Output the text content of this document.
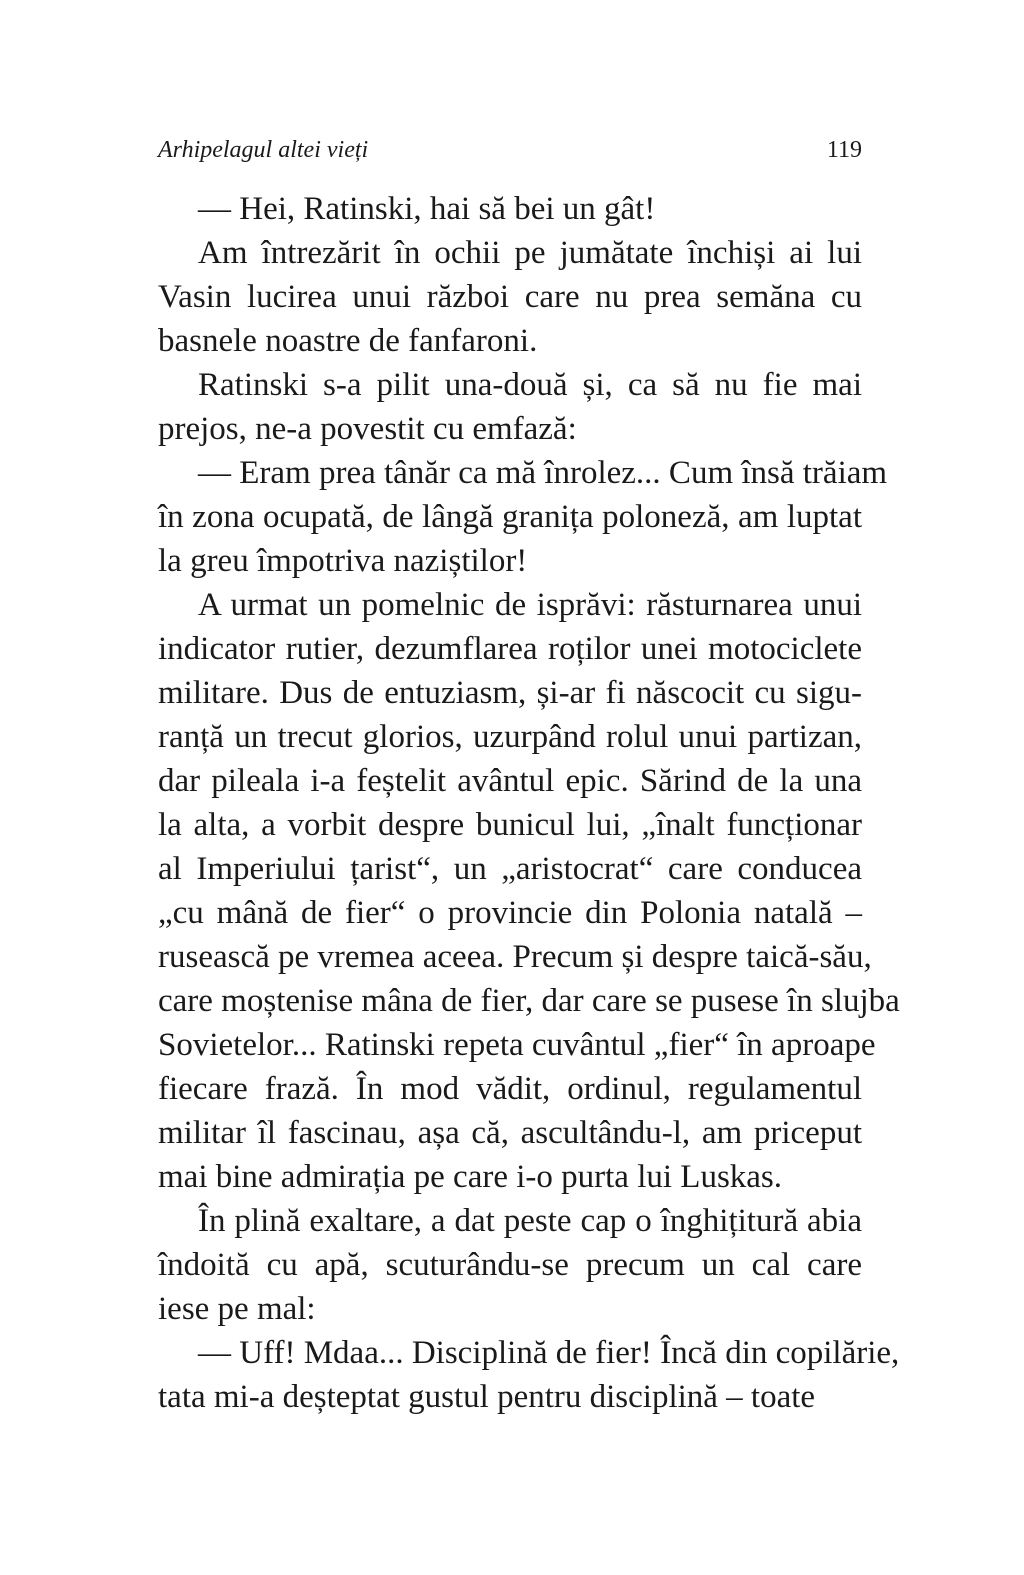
Arhipelagul altei vieți	119
— Hei, Ratinski, hai să bei un gât!
Am întrezărit în ochii pe jumătate închiși ai lui
Vasin lucirea unui război care nu prea semăna cu
basnele noastre de fanfaroni.
Ratinski s-a pilit una-două și, ca să nu fie mai
prejos, ne-a povestit cu emfază:
— Eram prea tânăr ca mă înrolez... Cum însă trăiam
în zona ocupată, de lângă granița poloneză, am luptat
la greu împotriva naziștilor!
A urmat un pomelnic de isprăvi: răsturnarea unui
indicator rutier, dezumflarea roților unei motociclete
militare. Dus de entuziasm, și-ar fi născocit cu sigu-
ranță un trecut glorios, uzurpând rolul unui partizan,
dar pileala i-a feștelit avântul epic. Sărind de la una
la alta, a vorbit despre bunicul lui, „înalt funcționar
al Imperiului țarist“, un „aristocrat“ care conducea
„cu mână de fier“ o provincie din Polonia natală –
rusească pe vremea aceea. Precum și despre taică-său,
care moștenise mâna de fier, dar care se pusese în slujba
Sovietelor... Ratinski repeta cuvântul „fier“ în aproape
fiecare frază. În mod vădit, ordinul, regulamentul
militar îl fascinau, așa că, ascultându-l, am priceput
mai bine admirația pe care i-o purta lui Luskas.
În plină exaltare, a dat peste cap o înghițitură abia
îndoită cu apă, scuturându-se precum un cal care
iese pe mal:
— Uff! Mdaa... Disciplină de fier! Încă din copilărie,
tata mi-a deșteptat gustul pentru disciplină – toate
